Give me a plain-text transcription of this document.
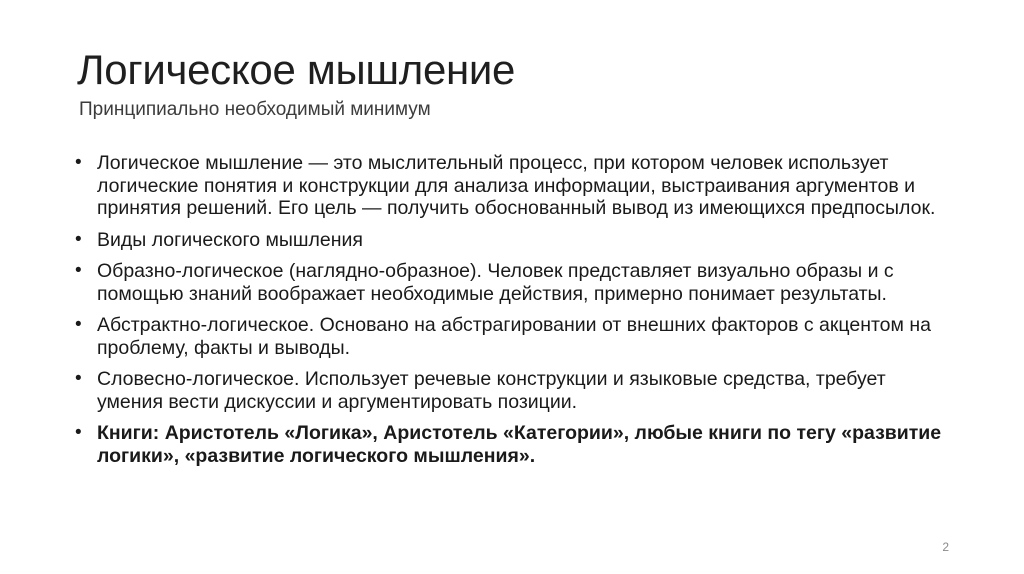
Логическое мышление
Принципиально необходимый минимум
• Логическое мышление — это мыслительный процесс, при котором человек использует логические понятия и конструкции для анализа информации, выстраивания аргументов и принятия решений. Его цель — получить обоснованный вывод из имеющихся предпосылок.
• Виды логического мышления
• Образно-логическое (наглядно-образное). Человек представляет визуально образы и с помощью знаний воображает необходимые действия, примерно понимает результаты.
• Абстрактно-логическое. Основано на абстрагировании от внешних факторов с акцентом на проблему, факты и выводы.
• Словесно-логическое. Использует речевые конструкции и языковые средства, требует умения вести дискуссии и аргументировать позиции.
• Книги: Аристотель «Логика», Аристотель «Категории», любые книги по тегу «развитие логики», «развитие логического мышления».
2
